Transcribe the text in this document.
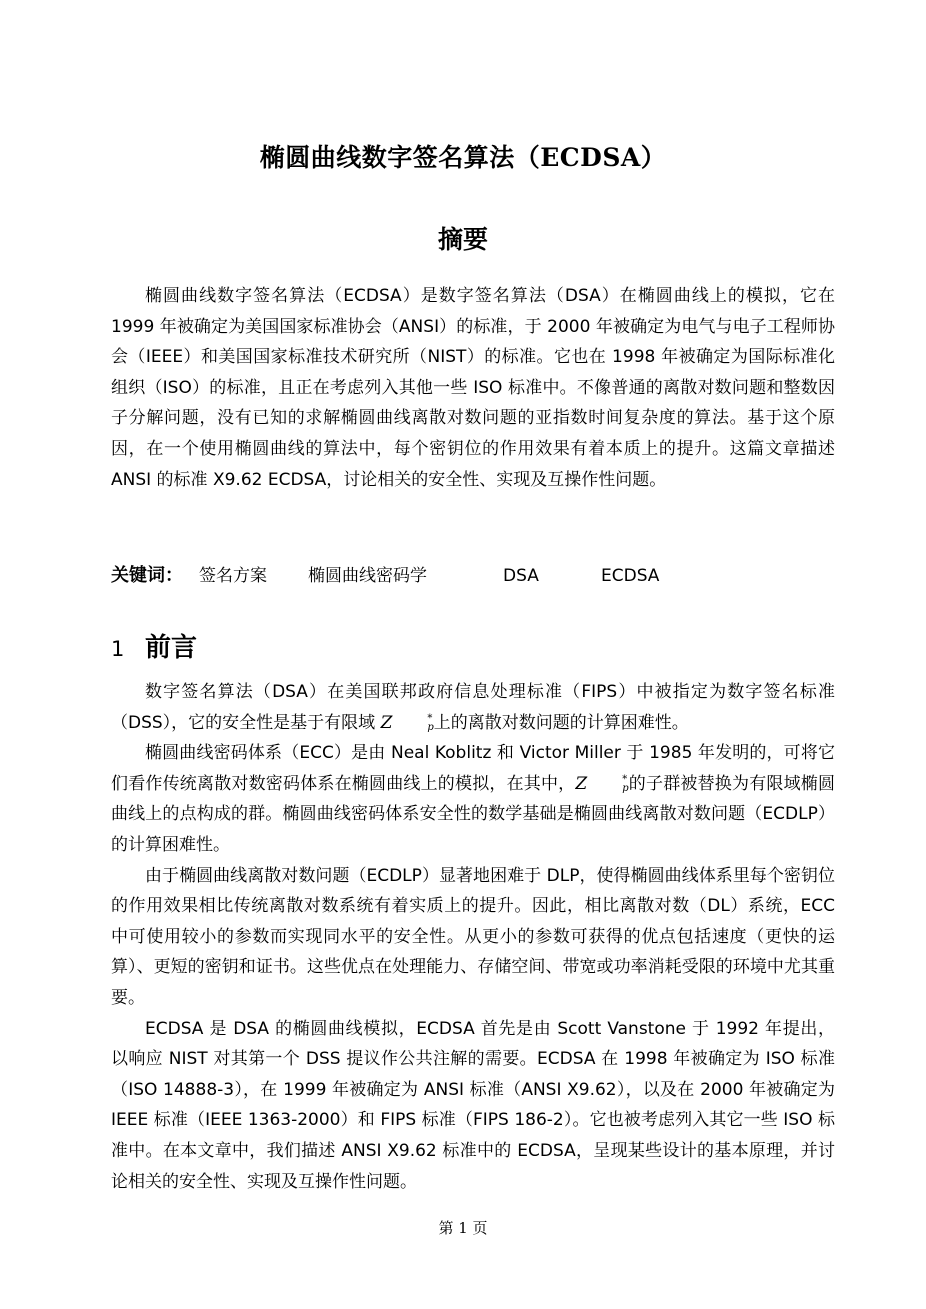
椭圆曲线数字签名算法（ECDSA）
摘要

椭圆曲线数字签名算法（ECDSA）是数字签名算法（DSA）在椭圆曲线上的模拟，它在 1999 年被确定为美国国家标准协会（ANSI）的标准，于 2000 年被确定为电气与电子工程师协会（IEEE）和美国国家标准技术研究所（NIST）的标准。它也在 1998 年被确定为国际标准化组织（ISO）的标准，且正在考虑列入其他一些 ISO 标准中。不像普通的离散对数问题和整数因子分解问题，没有已知的求解椭圆曲线离散对数问题的亚指数时间复杂度的算法。基于这个原因，在一个使用椭圆曲线的算法中，每个密钥位的作用效果有着本质上的提升。这篇文章描述 ANSI 的标准 X9.62 ECDSA，讨论相关的安全性、实现及互操作性问题。

关键词： 签名方案 椭圆曲线密码学	DSA	ECDSA
1 前言

数字签名算法（DSA）在美国联邦政府信息处理标准（FIPS）中被指定为数字签名标准（DSS），它的安全性是基于有限域 Z	*
p 上的离散对数问题的计算困难性。

椭圆曲线密码体系（ECC）是由 Neal Koblitz 和 Victor Miller 于 1985 年发明的，可将它们看作传统离散对数密码体系在椭圆曲线上的模拟，在其中，Z	*
p 的子群被替换为有限域椭圆曲线上的点构成的群。椭圆曲线密码体系安全性的数学基础是椭圆曲线离散对数问题（ECDLP）的计算困难性。

由于椭圆曲线离散对数问题（ECDLP）显著地困难于 DLP，使得椭圆曲线体系里每个密钥位的作用效果相比传统离散对数系统有着实质上的提升。因此，相比离散对数（DL）系统，ECC 中可使用较小的参数而实现同水平的安全性。从更小的参数可获得的优点包括速度（更快的运算）、更短的密钥和证书。这些优点在处理能力、存储空间、带宽或功率消耗受限的环境中尤其重要。

ECDSA 是 DSA 的椭圆曲线模拟，ECDSA 首先是由 Scott Vanstone 于 1992 年提出，以响应 NIST 对其第一个 DSS 提议作公共注解的需要。ECDSA 在 1998 年被确定为 ISO 标准（ISO 14888-3），在 1999 年被确定为 ANSI 标准（ANSI X9.62），以及在 2000 年被确定为 IEEE 标准（IEEE 1363-2000）和 FIPS 标准（FIPS 186-2）。它也被考虑列入其它一些 ISO 标准中。在本文章中，我们描述 ANSI X9.62 标准中的 ECDSA，呈现某些设计的基本原理，并讨论相关的安全性、实现及互操作性问题。

第 1 页
